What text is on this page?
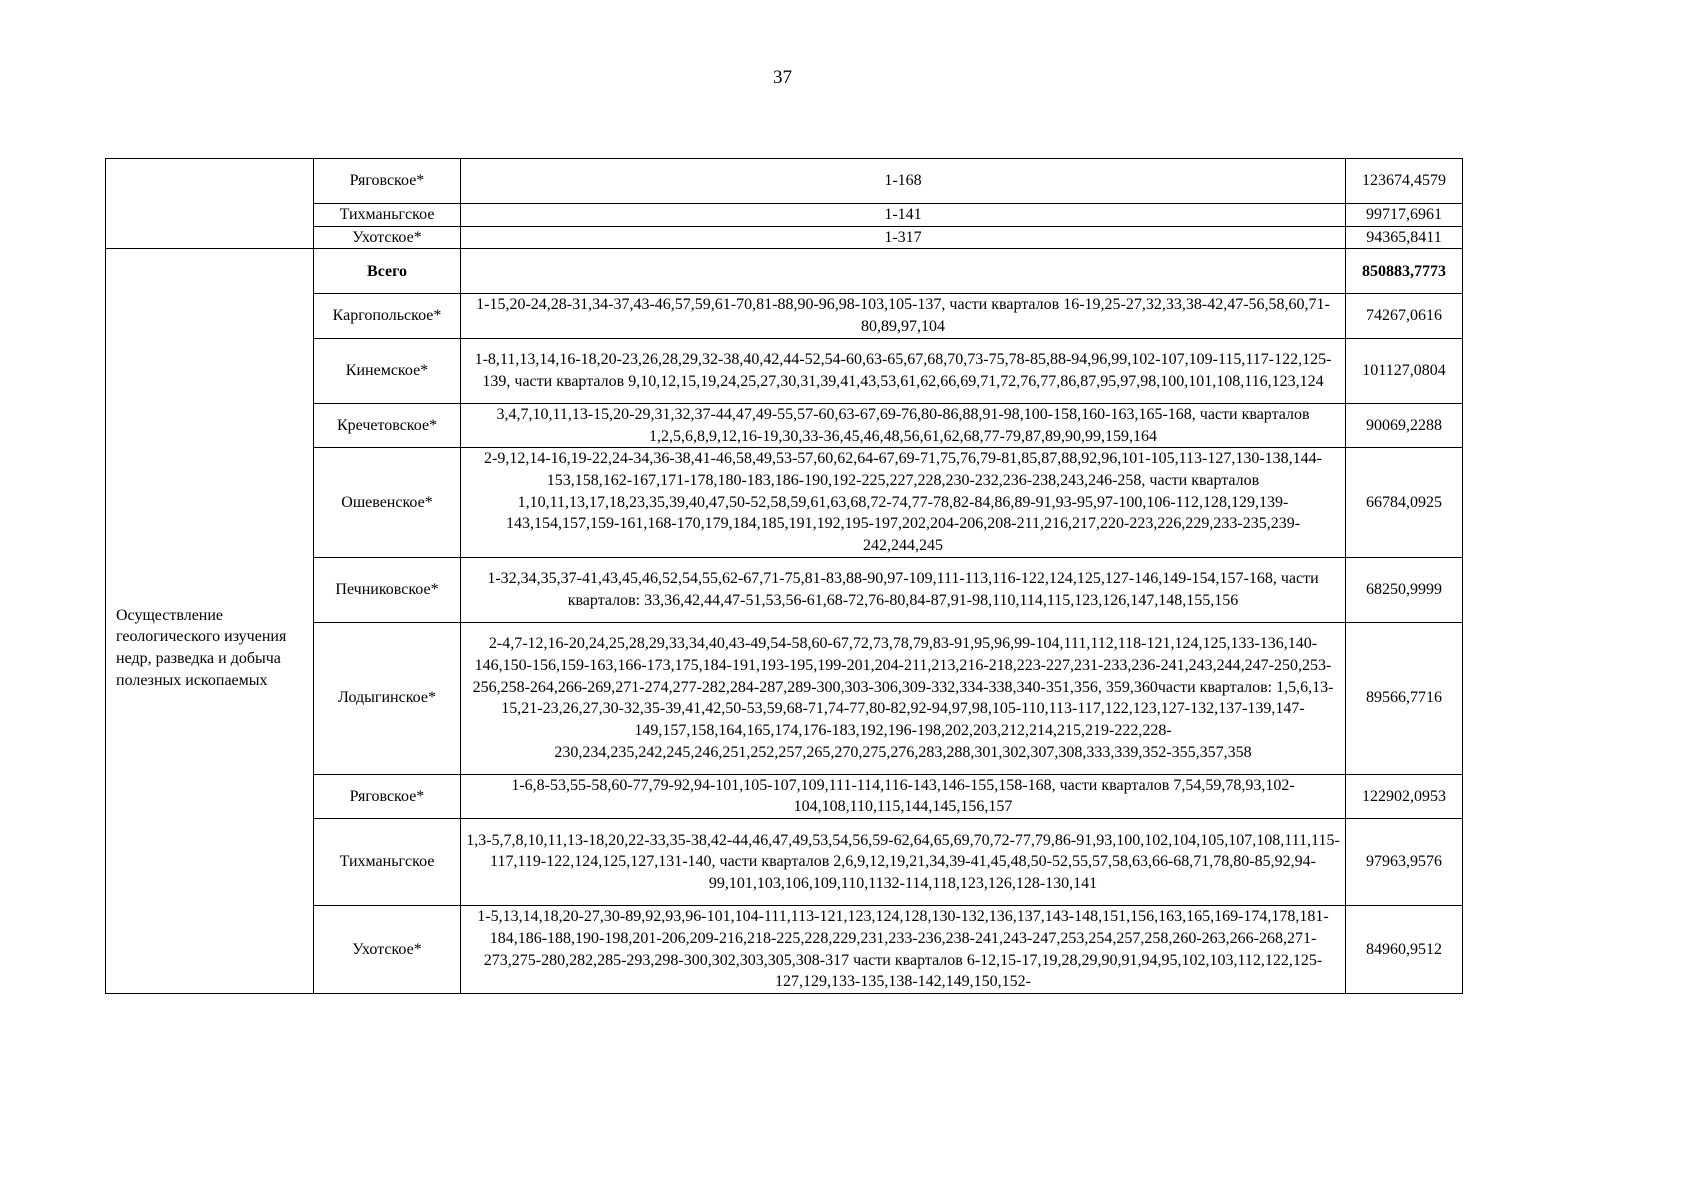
37
	Ряговское*	1-168	123674,4579
	Тихманьгское	1-141	99717,6961
	Ухотское*	1-317	94365,8411
Осуществление геологического изучения недр, разведка и добыча полезных ископаемых	Всего		850883,7773
	Каргопольское*	1-15,20-24,28-31,34-37,43-46,57,59,61-70,81-88,90-96,98-103,105-137, части кварталов 16-19,25-27,32,33,38-42,47-56,58,60,71-80,89,97,104	74267,0616
	Кинемское*	1-8,11,13,14,16-18,20-23,26,28,29,32-38,40,42,44-52,54-60,63-65,67,68,70,73-75,78-85,88-94,96,99,102-107,109-115,117-122,125-139, части кварталов 9,10,12,15,19,24,25,27,30,31,39,41,43,53,61,62,66,69,71,72,76,77,86,87,95,97,98,100,101,108,116,123,124	101127,0804
	Кречетовское*	3,4,7,10,11,13-15,20-29,31,32,37-44,47,49-55,57-60,63-67,69-76,80-86,88,91-98,100-158,160-163,165-168, части кварталов 1,2,5,6,8,9,12,16-19,30,33-36,45,46,48,56,61,62,68,77-79,87,89,90,99,159,164	90069,2288
	Ошевенское*	2-9,12,14-16,19-22,24-34,36-38,41-46,58,49,53-57,60,62,64-67,69-71,75,76,79-81,85,87,88,92,96,101-105,113-127,130-138,144-153,158,162-167,171-178,180-183,186-190,192-225,227,228,230-232,236-238,243,246-258, части кварталов 1,10,11,13,17,18,23,35,39,40,47,50-52,58,59,61,63,68,72-74,77-78,82-84,86,89-91,93-95,97-100,106-112,128,129,139-143,154,157,159-161,168-170,179,184,185,191,192,195-197,202,204-206,208-211,216,217,220-223,226,229,233-235,239-242,244,245	66784,0925
	Печниковское*	1-32,34,35,37-41,43,45,46,52,54,55,62-67,71-75,81-83,88-90,97-109,111-113,116-122,124,125,127-146,149-154,157-168, части кварталов: 33,36,42,44,47-51,53,56-61,68-72,76-80,84-87,91-98,110,114,115,123,126,147,148,155,156	68250,9999
	Лодыгинское*	2-4,7-12,16-20,24,25,28,29,33,34,40,43-49,54-58,60-67,72,73,78,79,83-91,95,96,99-104,111,112,118-121,124,125,133-136,140-146,150-156,159-163,166-173,175,184-191,193-195,199-201,204-211,213,216-218,223-227,231-233,236-241,243,244,247-250,253-256,258-264,266-269,271-274,277-282,284-287,289-300,303-306,309-332,334-338,340-351,356, 359,360части кварталов: 1,5,6,13-15,21-23,26,27,30-32,35-39,41,42,50-53,59,68-71,74-77,80-82,92-94,97,98,105-110,113-117,122,123,127-132,137-139,147-149,157,158,164,165,174,176-183,192,196-198,202,203,212,214,215,219-222,228-230,234,235,242,245,246,251,252,257,265,270,275,276,283,288,301,302,307,308,333,339,352-355,357,358	89566,7716
	Ряговское*	1-6,8-53,55-58,60-77,79-92,94-101,105-107,109,111-114,116-143,146-155,158-168, части кварталов 7,54,59,78,93,102-104,108,110,115,144,145,156,157	122902,0953
	Тихманьгское	1,3-5,7,8,10,11,13-18,20,22-33,35-38,42-44,46,47,49,53,54,56,59-62,64,65,69,70,72-77,79,86-91,93,100,102,104,105,107,108,111,115-117,119-122,124,125,127,131-140, части кварталов 2,6,9,12,19,21,34,39-41,45,48,50-52,55,57,58,63,66-68,71,78,80-85,92,94-99,101,103,106,109,110,1132-114,118,123,126,128-130,141	97963,9576
	Ухотское*	1-5,13,14,18,20-27,30-89,92,93,96-101,104-111,113-121,123,124,128,130-132,136,137,143-148,151,156,163,165,169-174,178,181-184,186-188,190-198,201-206,209-216,218-225,228,229,231,233-236,238-241,243-247,253,254,257,258,260-263,266-268,271-273,275-280,282,285-293,298-300,302,303,305,308-317 части кварталов 6-12,15-17,19,28,29,90,91,94,95,102,103,112,122,125-127,129,133-135,138-142,149,150,152-	84960,9512
